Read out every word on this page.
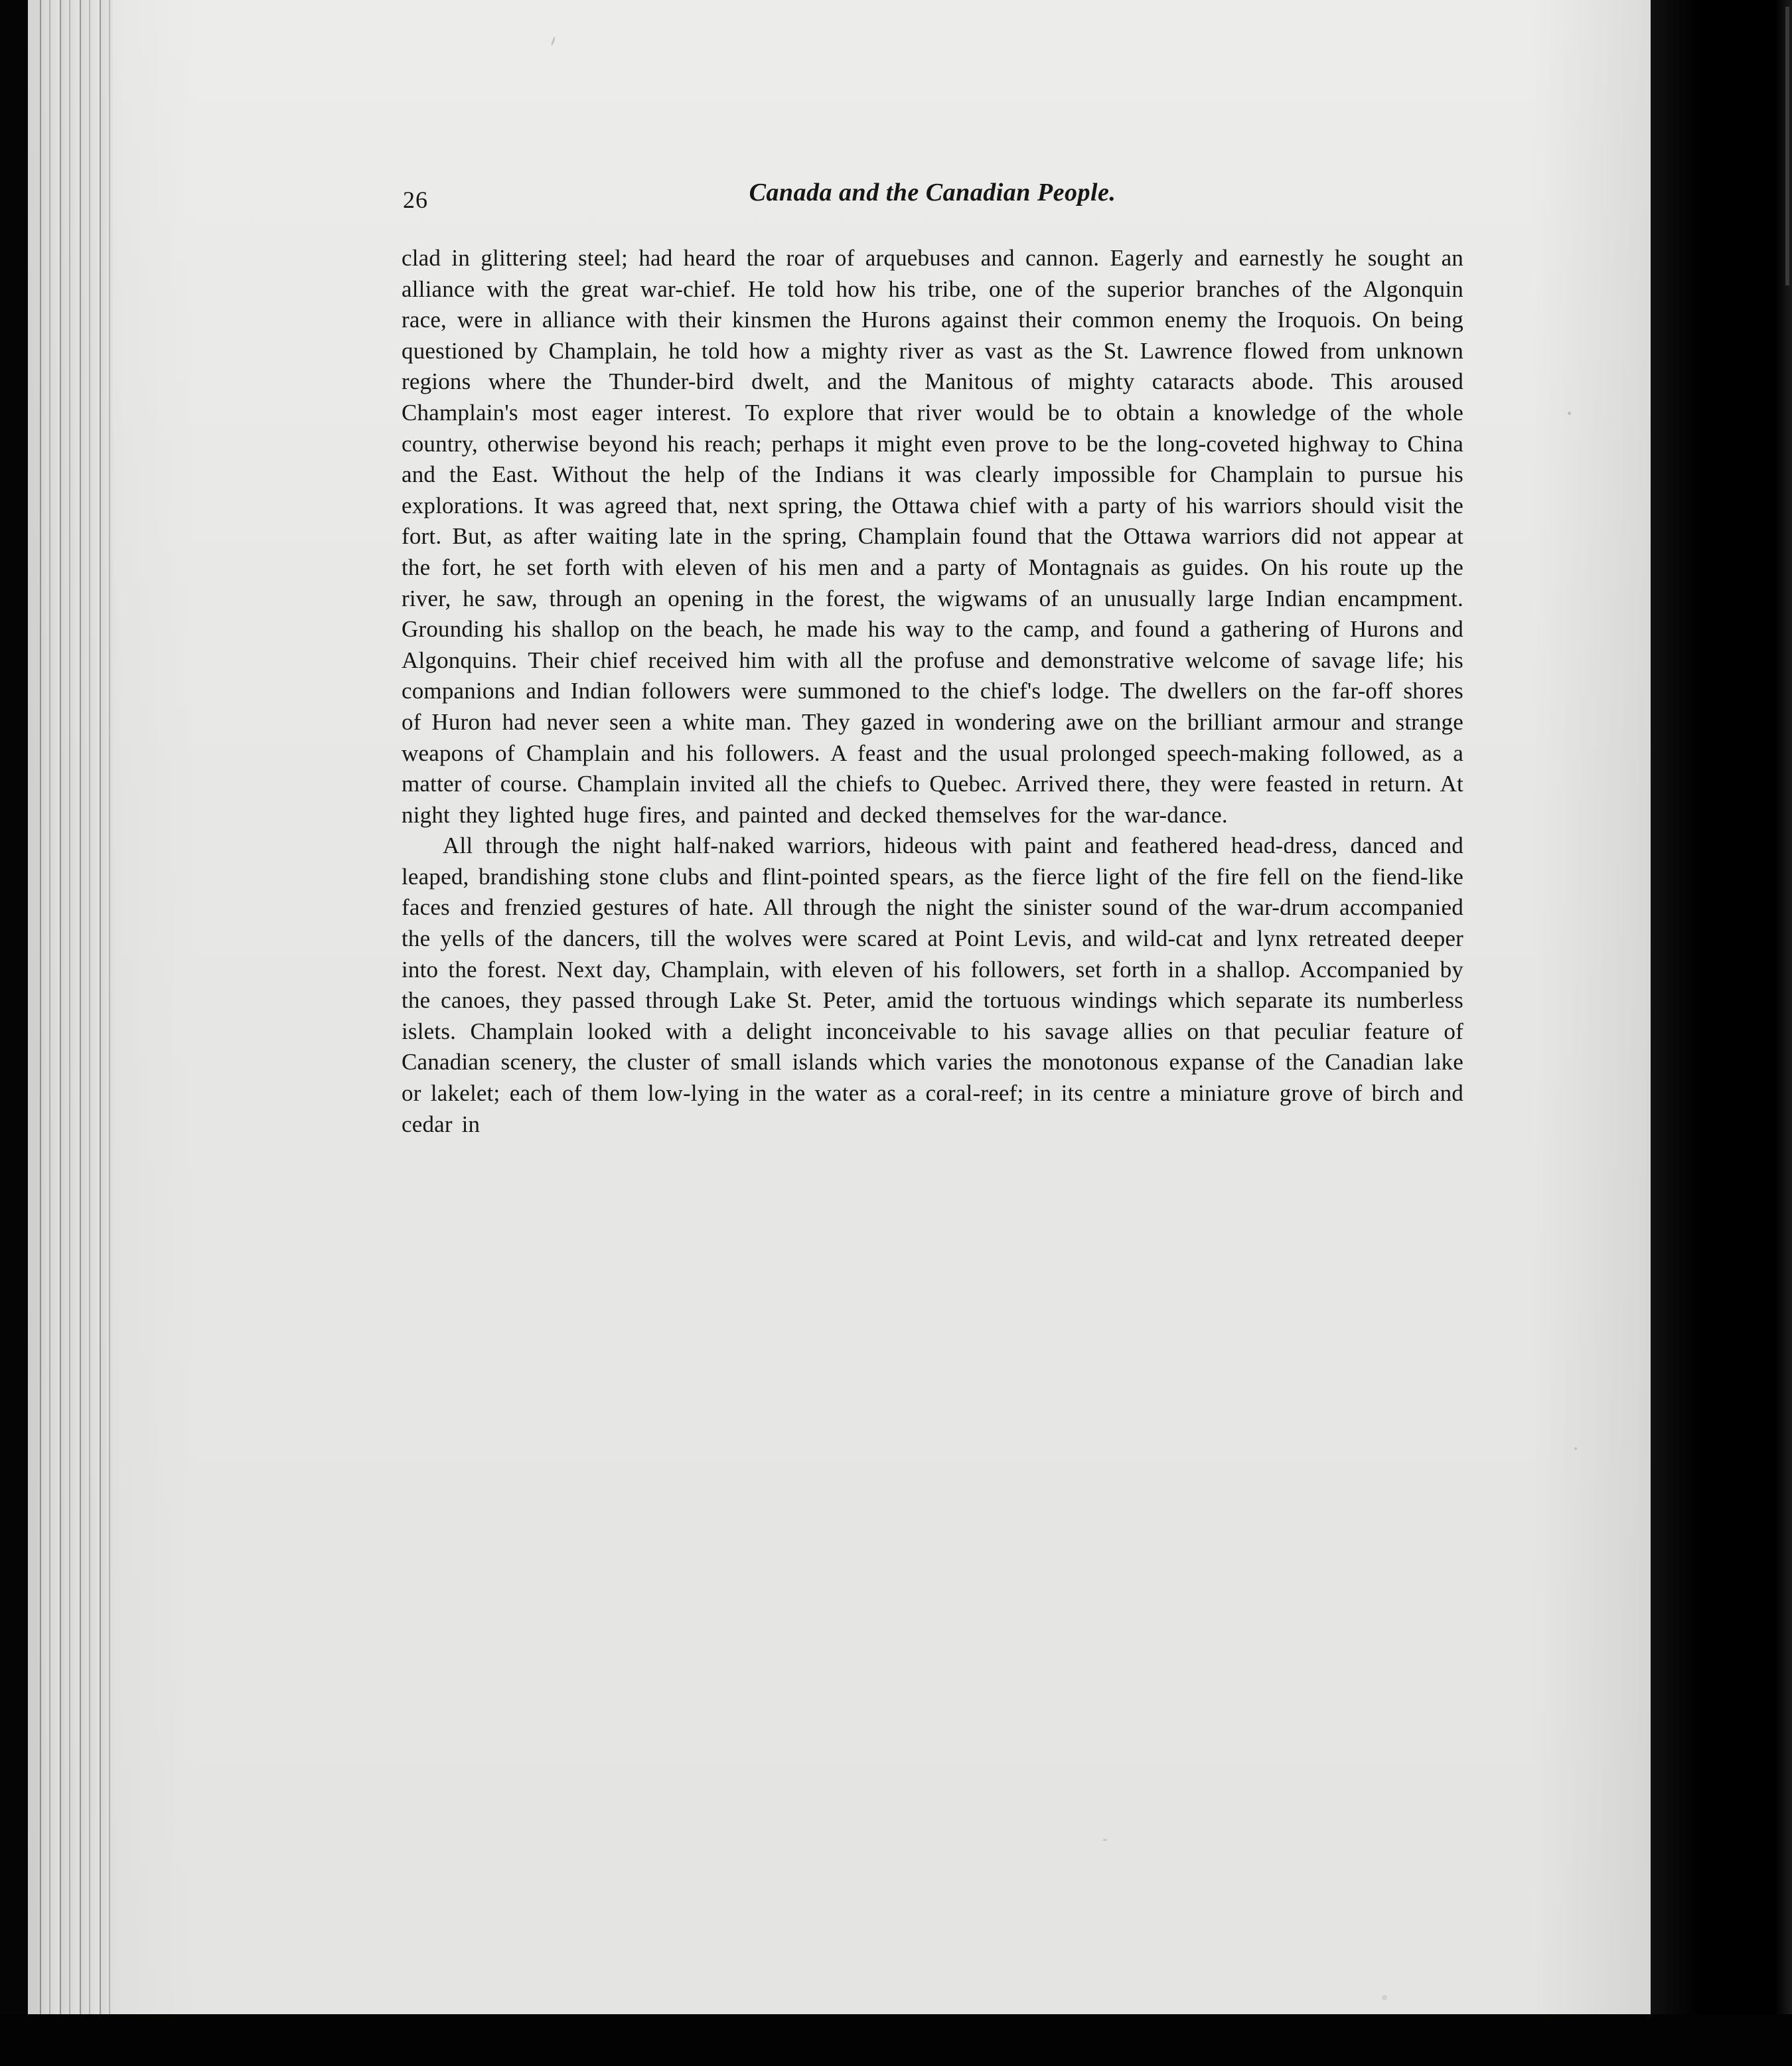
26	Canada and the Canadian People.

clad in glittering steel; had heard the roar of arquebuses and cannon. Eagerly and earnestly he sought an alliance with the great war-chief. He told how his tribe, one of the superior branches of the Algonquin race, were in alliance with their kinsmen the Hurons against their common enemy the Iroquois. On being questioned by Champlain, he told how a mighty river as vast as the St. Lawrence flowed from unknown regions where the Thunder-bird dwelt, and the Manitous of mighty cataracts abode. This aroused Champlain's most eager interest. To explore that river would be to obtain a knowledge of the whole country, otherwise beyond his reach; perhaps it might even prove to be the long-coveted highway to China and the East. Without the help of the Indians it was clearly impossible for Champlain to pursue his explorations. It was agreed that, next spring, the Ottawa chief with a party of his warriors should visit the fort. But, as after waiting late in the spring, Champlain found that the Ottawa warriors did not appear at the fort, he set forth with eleven of his men and a party of Montagnais as guides. On his route up the river, he saw, through an opening in the forest, the wigwams of an unusually large Indian encampment. Grounding his shallop on the beach, he made his way to the camp, and found a gathering of Hurons and Algonquins. Their chief received him with all the profuse and demonstrative welcome of savage life; his companions and Indian followers were summoned to the chief's lodge. The dwellers on the far-off shores of Huron had never seen a white man. They gazed in wondering awe on the brilliant armour and strange weapons of Champlain and his followers. A feast and the usual prolonged speech-making followed, as a matter of course. Champlain invited all the chiefs to Quebec. Arrived there, they were feasted in return. At night they lighted huge fires, and painted and decked themselves for the war-dance.

All through the night half-naked warriors, hideous with paint and feathered head-dress, danced and leaped, brandishing stone clubs and flint-pointed spears, as the fierce light of the fire fell on the fiend-like faces and frenzied gestures of hate. All through the night the sinister sound of the war-drum accompanied the yells of the dancers, till the wolves were scared at Point Levis, and wild-cat and lynx retreated deeper into the forest. Next day, Champlain, with eleven of his followers, set forth in a shallop. Accompanied by the canoes, they passed through Lake St. Peter, amid the tortuous windings which separate its numberless islets. Champlain looked with a delight inconceivable to his savage allies on that peculiar feature of Canadian scenery, the cluster of small islands which varies the monotonous expanse of the Canadian lake or lakelet; each of them low-lying in the water as a coral-reef; in its centre a miniature grove of birch and cedar in
